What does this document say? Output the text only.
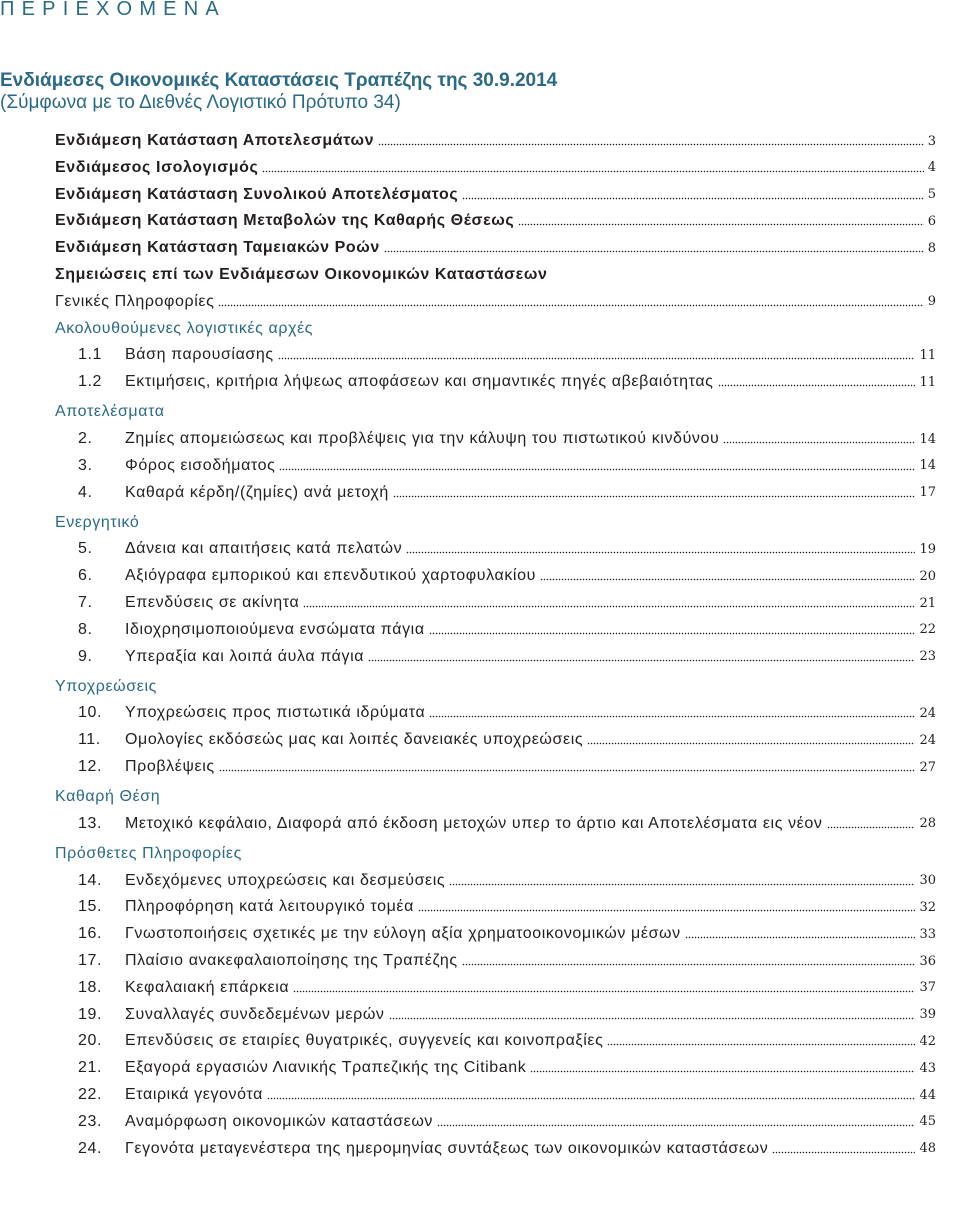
ΠΕΡΙΕΧΟΜΕΝΑ
Ενδιάμεσες Οικονομικές Καταστάσεις Τραπέζης της 30.9.2014
(Σύμφωνα με το Διεθνές Λογιστικό Πρότυπο 34)
Ενδιάμεση Κατάσταση Αποτελεσμάτων	3
Ενδιάμεσος Ισολογισμός	4
Ενδιάμεση Κατάσταση Συνολικού Αποτελέσματος	5
Ενδιάμεση Κατάσταση Μεταβολών της Καθαρής Θέσεως	6
Ενδιάμεση Κατάσταση Ταμειακών Ροών	8
Σημειώσεις επί των Ενδιάμεσων Οικονομικών Καταστάσεων
Γενικές Πληροφορίες	9
Ακολουθούμενες λογιστικές αρχές
1.1	Βάση παρουσίασης	11
1.2	Εκτιμήσεις, κριτήρια λήψεως αποφάσεων και σημαντικές πηγές αβεβαιότητας	11
Αποτελέσματα
2.	Ζημίες απομειώσεως και προβλέψεις για την κάλυψη του πιστωτικού κινδύνου	14
3.	Φόρος εισοδήματος	14
4.	Καθαρά κέρδη/(ζημίες) ανά μετοχή	17
Ενεργητικό
5.	Δάνεια και απαιτήσεις κατά πελατών	19
6.	Αξιόγραφα εμπορικού και επενδυτικού χαρτοφυλακίου	20
7.	Επενδύσεις σε ακίνητα	21
8.	Ιδιοχρησιμοποιούμενα ενσώματα πάγια	22
9.	Υπεραξία και λοιπά άυλα πάγια	23
Υποχρεώσεις
10.	Υποχρεώσεις προς πιστωτικά ιδρύματα	24
11.	Ομολογίες εκδόσεώς μας και λοιπές δανειακές υποχρεώσεις	24
12.	Προβλέψεις	27
Καθαρή Θέση
13.	Μετοχικό κεφάλαιο, Διαφορά από έκδοση μετοχών υπερ το άρτιο και Αποτελέσματα εις νέον	28
Πρόσθετες Πληροφορίες
14.	Ενδεχόμενες υποχρεώσεις και δεσμεύσεις	30
15.	Πληροφόρηση κατά λειτουργικό τομέα	32
16.	Γνωστοποιήσεις σχετικές με την εύλογη αξία χρηματοοικονομικών μέσων	33
17.	Πλαίσιο ανακεφαλαιοποίησης της Τραπέζης	36
18.	Κεφαλαιακή επάρκεια	37
19.	Συναλλαγές συνδεδεμένων μερών	39
20.	Επενδύσεις σε εταιρίες θυγατρικές, συγγενείς και κοινοπραξίες	42
21.	Εξαγορά εργασιών Λιανικής Τραπεζικής της Citibank	43
22.	Εταιρικά γεγονότα	44
23.	Αναμόρφωση οικονομικών καταστάσεων	45
24.	Γεγονότα μεταγενέστερα της ημερομηνίας συντάξεως των οικονομικών καταστάσεων	48
